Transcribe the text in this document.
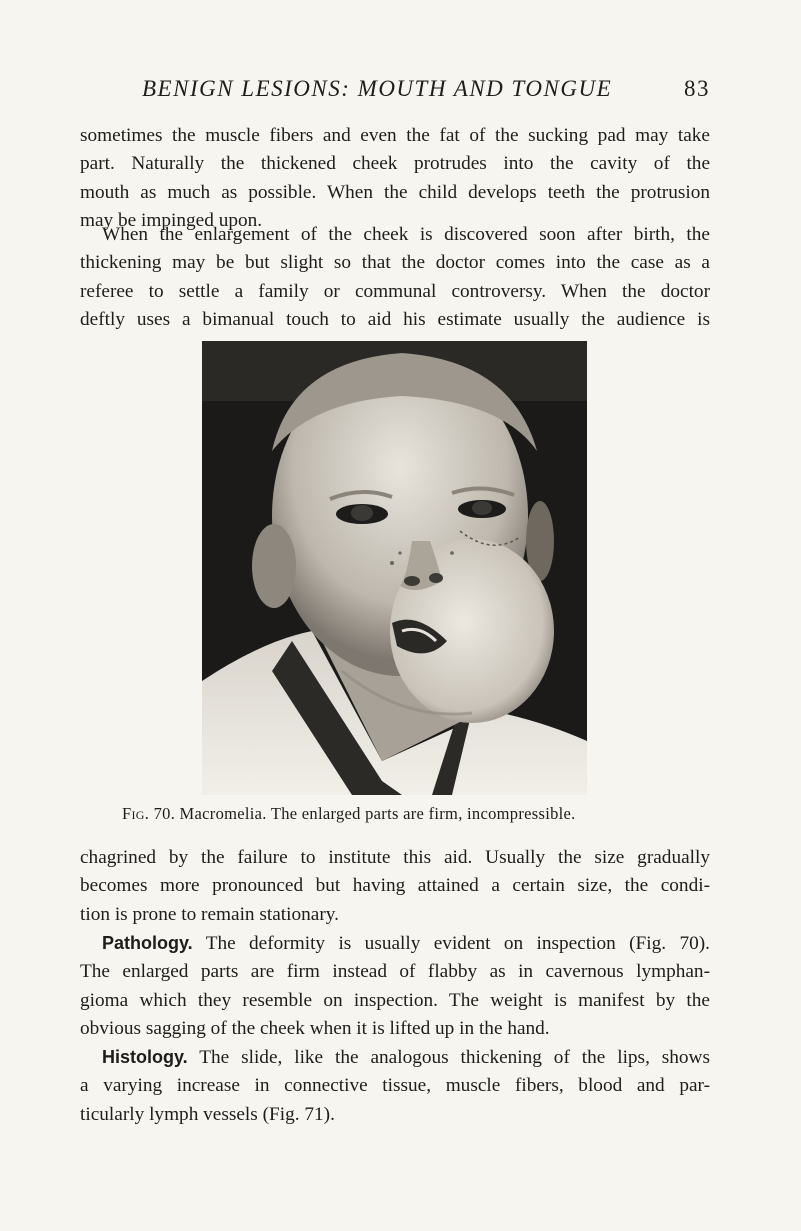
BENIGN LESIONS: MOUTH AND TONGUE	83

sometimes the muscle fibers and even the fat of the sucking pad may take
part. Naturally the thickened cheek protrudes into the cavity of the
mouth as much as possible. When the child develops teeth the protrusion
may be impinged upon.

When the enlargement of the cheek is discovered soon after birth, the
thickening may be but slight so that the doctor comes into the case as a
referee to settle a family or communal controversy. When the doctor
deftly uses a bimanual touch to aid his estimate usually the audience is

Fig. 70. Macromelia. The enlarged parts are firm, incompressible.

chagrined by the failure to institute this aid. Usually the size gradually
becomes more pronounced but having attained a certain size, the condi-
tion is prone to remain stationary.

Pathology. The deformity is usually evident on inspection (Fig. 70).
The enlarged parts are firm instead of flabby as in cavernous lymphan-
gioma which they resemble on inspection. The weight is manifest by the
obvious sagging of the cheek when it is lifted up in the hand.

Histology. The slide, like the analogous thickening of the lips, shows
a varying increase in connective tissue, muscle fibers, blood and par-
ticularly lymph vessels (Fig. 71).
